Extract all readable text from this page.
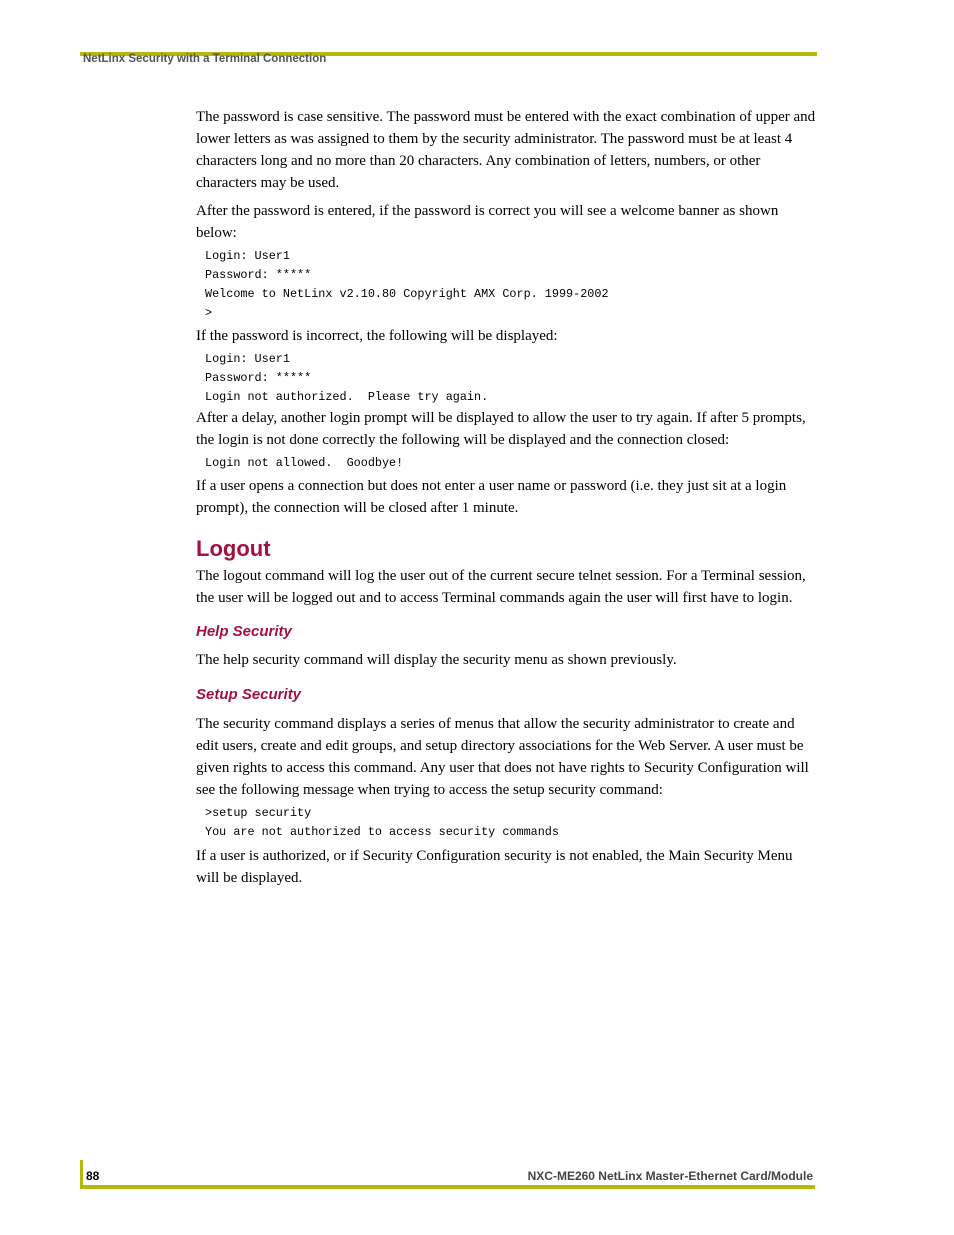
NetLinx Security with a Terminal Connection

The password is case sensitive. The password must be entered with the exact combination of upper and lower letters as was assigned to them by the security administrator. The password must be at least 4 characters long and no more than 20 characters. Any combination of letters, numbers, or other characters may be used.

After the password is entered, if the password is correct you will see a welcome banner as shown below:

Login: User1
Password: *****
Welcome to NetLinx v2.10.80 Copyright AMX Corp. 1999-2002
>

If the password is incorrect, the following will be displayed:

Login: User1
Password: *****
Login not authorized.  Please try again.

After a delay, another login prompt will be displayed to allow the user to try again. If after 5 prompts, the login is not done correctly the following will be displayed and the connection closed:

Login not allowed.  Goodbye!

If a user opens a connection but does not enter a user name or password (i.e. they just sit at a login prompt), the connection will be closed after 1 minute.

Logout

The logout command will log the user out of the current secure telnet session. For a Terminal session, the user will be logged out and to access Terminal commands again the user will first have to login.

Help Security

The help security command will display the security menu as shown previously.

Setup Security

The security command displays a series of menus that allow the security administrator to create and edit users, create and edit groups, and setup directory associations for the Web Server. A user must be given rights to access this command. Any user that does not have rights to Security Configuration will see the following message when trying to access the setup security command:

>setup security
You are not authorized to access security commands

If a user is authorized, or if Security Configuration security is not enabled, the Main Security Menu will be displayed.

88	NXC-ME260 NetLinx Master-Ethernet Card/Module
